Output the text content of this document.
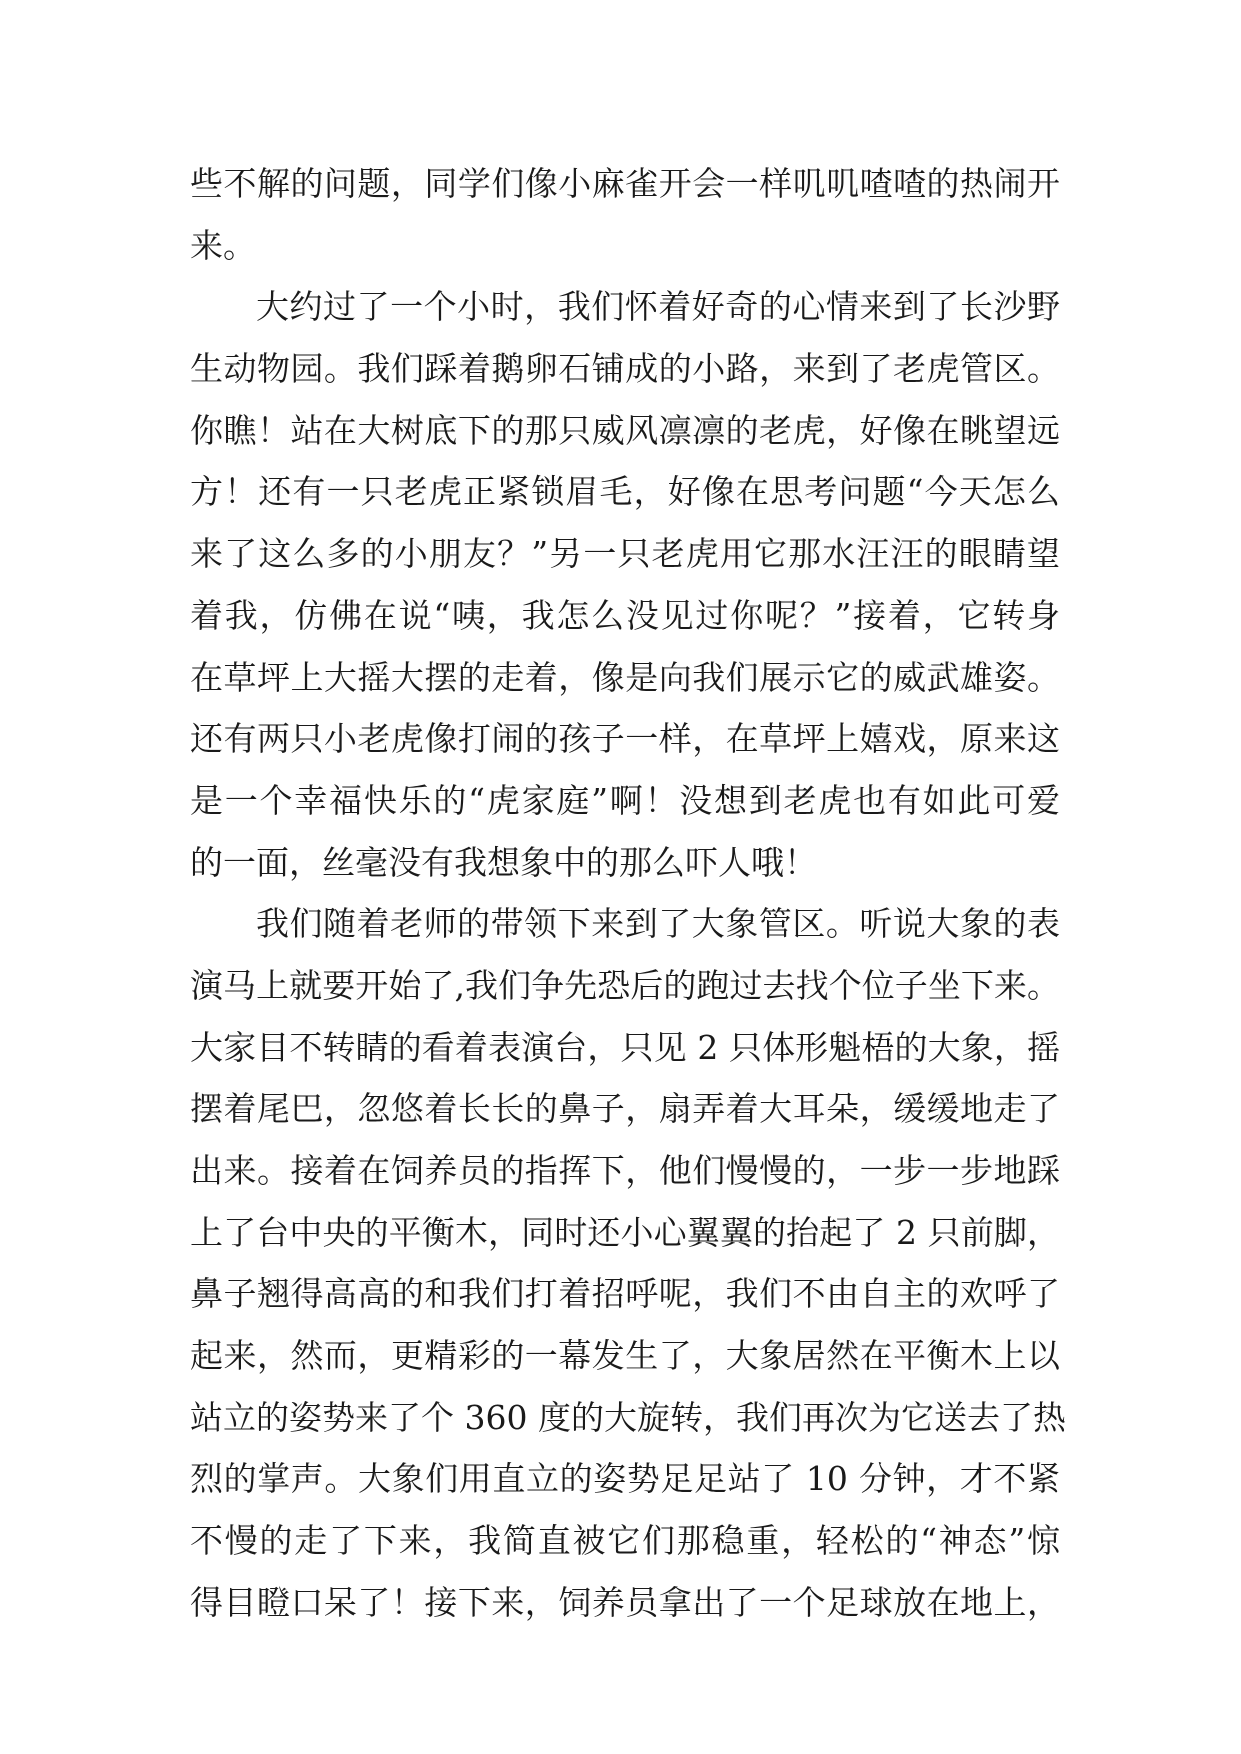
些不解的问题，同学们像小麻雀开会一样叽叽喳喳的热闹开
来。
大约过了一个小时，我们怀着好奇的心情来到了长沙野
生动物园。我们踩着鹅卵石铺成的小路，来到了老虎管区。
你瞧！站在大树底下的那只威风凛凛的老虎，好像在眺望远
方！还有一只老虎正紧锁眉毛，好像在思考问题“今天怎么
来了这么多的小朋友？”另一只老虎用它那水汪汪的眼睛望
着我，仿佛在说“咦，我怎么没见过你呢？”接着，它转身
在草坪上大摇大摆的走着，像是向我们展示它的威武雄姿。
还有两只小老虎像打闹的孩子一样，在草坪上嬉戏，原来这
是一个幸福快乐的“虎家庭”啊！没想到老虎也有如此可爱
的一面，丝毫没有我想象中的那么吓人哦！
我们随着老师的带领下来到了大象管区。听说大象的表
演马上就要开始了,我们争先恐后的跑过去找个位子坐下来。
大家目不转睛的看着表演台，只见 2 只体形魁梧的大象，摇
摆着尾巴，忽悠着长长的鼻子，扇弄着大耳朵，缓缓地走了
出来。接着在饲养员的指挥下，他们慢慢的，一步一步地踩
上了台中央的平衡木，同时还小心翼翼的抬起了 2 只前脚，
鼻子翘得高高的和我们打着招呼呢，我们不由自主的欢呼了
起来，然而，更精彩的一幕发生了，大象居然在平衡木上以
站立的姿势来了个 360 度的大旋转，我们再次为它送去了热
烈的掌声。大象们用直立的姿势足足站了 10 分钟，才不紧
不慢的走了下来，我简直被它们那稳重，轻松的“神态”惊
得目瞪口呆了！接下来，饲养员拿出了一个足球放在地上，
